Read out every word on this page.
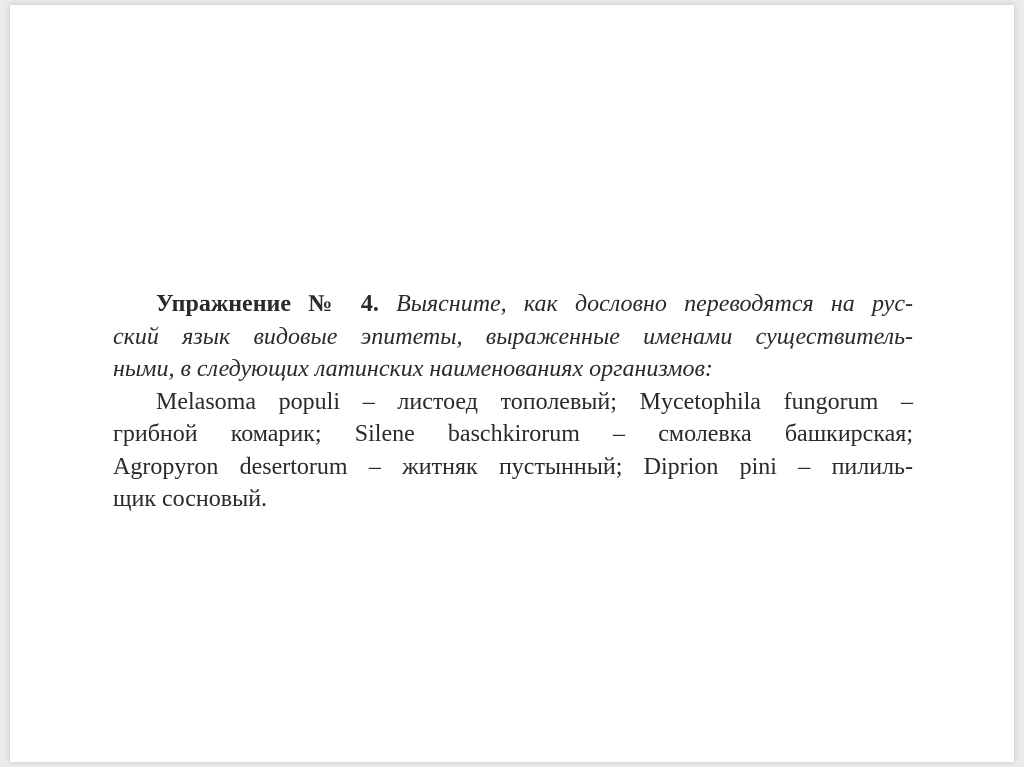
Упражнение № 4. Выясните, как дословно переводятся на рус-
ский язык видовые эпитеты, выраженные именами существитель-
ными, в следующих латинских наименованиях организмов:
Melasoma populi – листоед тополевый; Mycetophila fungorum –
грибной комарик; Silene baschkirorum – смолевка башкирская;
Agropyron desertorum – житняк пустынный; Diprion pini – пилиль-
щик сосновый.
